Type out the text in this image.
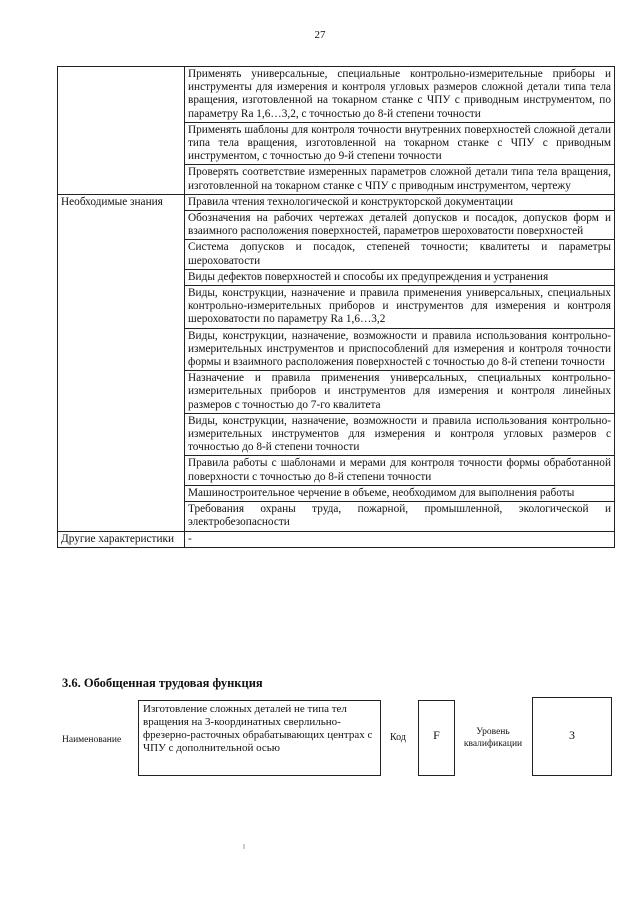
27
	Применять универсальные, специальные контрольно-измерительные приборы и инструменты для измерения и контроля угловых размеров сложной детали типа тела вращения, изготовленной на токарном станке с ЧПУ с приводным инструментом, по параметру Ra 1,6…3,2, с точностью до 8-й степени точности
	Применять шаблоны для контроля точности внутренних поверхностей сложной детали типа тела вращения, изготовленной на токарном станке с ЧПУ с приводным инструментом, с точностью до 9-й степени точности
	Проверять соответствие измеренных параметров сложной детали типа тела вращения, изготовленной на токарном станке с ЧПУ с приводным инструментом, чертежу
Необходимые знания	Правила чтения технологической и конструкторской документации
	Обозначения на рабочих чертежах деталей допусков и посадок, допусков форм и взаимного расположения поверхностей, параметров шероховатости поверхностей
	Система допусков и посадок, степеней точности; квалитеты и параметры шероховатости
	Виды дефектов поверхностей и способы их предупреждения и устранения
	Виды, конструкции, назначение и правила применения универсальных, специальных контрольно-измерительных приборов и инструментов для измерения и контроля шероховатости по параметру Ra 1,6…3,2
	Виды, конструкции, назначение, возможности и правила использования контрольно-измерительных инструментов и приспособлений для измерения и контроля точности формы и взаимного расположения поверхностей с точностью до 8-й степени точности
	Назначение и правила применения универсальных, специальных контрольно-измерительных приборов и инструментов для измерения и контроля линейных размеров с точностью до 7-го квалитета
	Виды, конструкции, назначение, возможности и правила использования контрольно-измерительных инструментов для измерения и контроля угловых размеров с точностью до 8-й степени точности
	Правила работы с шаблонами и мерами для контроля точности формы обработанной поверхности с точностью до 8-й степени точности
	Машиностроительное черчение в объеме, необходимом для выполнения работы
	Требования охраны труда, пожарной, промышленной, экологической и электробезопасности
Другие характеристики	-
3.6. Обобщенная трудовая функция
Наименование
Изготовление сложных деталей не типа тел вращения на 3-координатных сверлильно-фрезерно-расточных обрабатывающих центрах с ЧПУ с дополнительной осью
Код	F	Уровень квалификации
3
